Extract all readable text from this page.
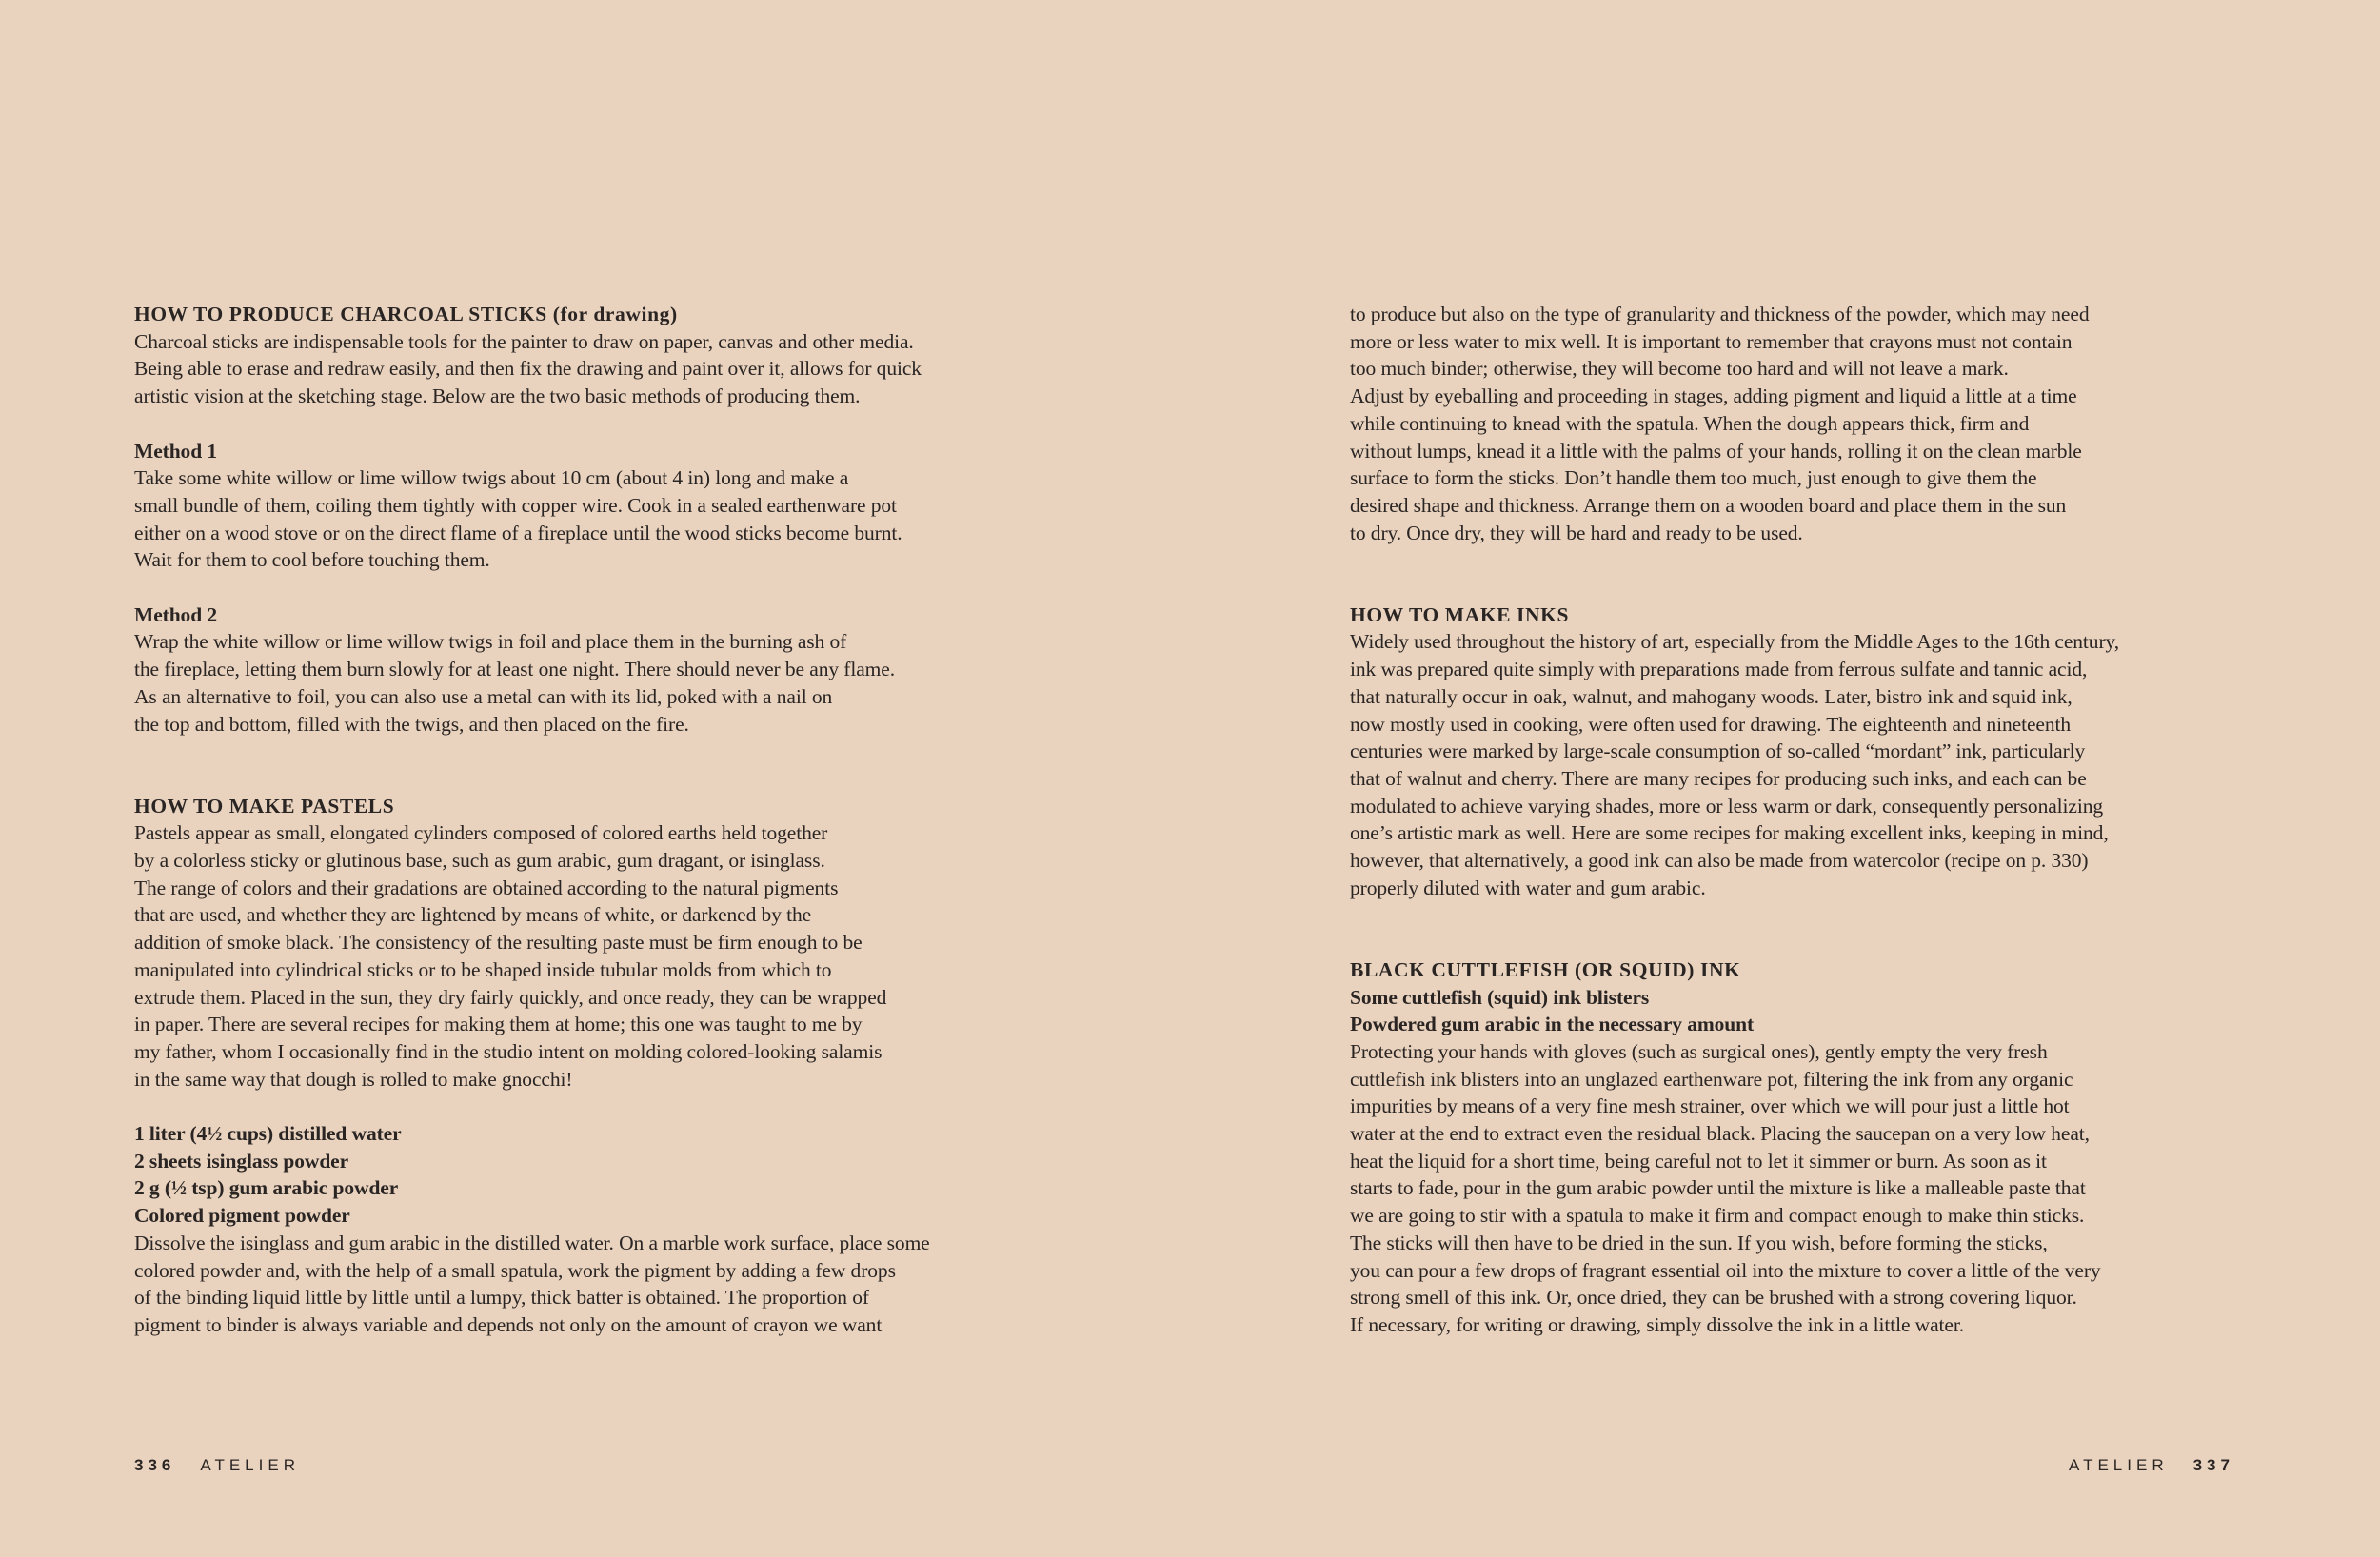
HOW TO PRODUCE CHARCOAL STICKS (for drawing)
Charcoal sticks are indispensable tools for the painter to draw on paper, canvas and other media.
Being able to erase and redraw easily, and then fix the drawing and paint over it, allows for quick
artistic vision at the sketching stage. Below are the two basic methods of producing them.
Method 1
Take some white willow or lime willow twigs about 10 cm (about 4 in) long and make a
small bundle of them, coiling them tightly with copper wire. Cook in a sealed earthenware pot
either on a wood stove or on the direct flame of a fireplace until the wood sticks become burnt.
Wait for them to cool before touching them.
Method 2
Wrap the white willow or lime willow twigs in foil and place them in the burning ash of
the fireplace, letting them burn slowly for at least one night. There should never be any flame.
As an alternative to foil, you can also use a metal can with its lid, poked with a nail on
the top and bottom, filled with the twigs, and then placed on the fire.
HOW TO MAKE PASTELS
Pastels appear as small, elongated cylinders composed of colored earths held together
by a colorless sticky or glutinous base, such as gum arabic, gum dragant, or isinglass.
The range of colors and their gradations are obtained according to the natural pigments
that are used, and whether they are lightened by means of white, or darkened by the
addition of smoke black. The consistency of the resulting paste must be firm enough to be
manipulated into cylindrical sticks or to be shaped inside tubular molds from which to
extrude them. Placed in the sun, they dry fairly quickly, and once ready, they can be wrapped
in paper. There are several recipes for making them at home; this one was taught to me by
my father, whom I occasionally find in the studio intent on molding colored-looking salamis
in the same way that dough is rolled to make gnocchi!
1 liter (4½ cups) distilled water
2 sheets isinglass powder
2 g (½ tsp) gum arabic powder
Colored pigment powder
Dissolve the isinglass and gum arabic in the distilled water. On a marble work surface, place some
colored powder and, with the help of a small spatula, work the pigment by adding a few drops
of the binding liquid little by little until a lumpy, thick batter is obtained. The proportion of
pigment to binder is always variable and depends not only on the amount of crayon we want
336 ATELIER
to produce but also on the type of granularity and thickness of the powder, which may need
more or less water to mix well. It is important to remember that crayons must not contain
too much binder; otherwise, they will become too hard and will not leave a mark.
Adjust by eyeballing and proceeding in stages, adding pigment and liquid a little at a time
while continuing to knead with the spatula. When the dough appears thick, firm and
without lumps, knead it a little with the palms of your hands, rolling it on the clean marble
surface to form the sticks. Don’t handle them too much, just enough to give them the
desired shape and thickness. Arrange them on a wooden board and place them in the sun
to dry. Once dry, they will be hard and ready to be used.
HOW TO MAKE INKS
Widely used throughout the history of art, especially from the Middle Ages to the 16th century,
ink was prepared quite simply with preparations made from ferrous sulfate and tannic acid,
that naturally occur in oak, walnut, and mahogany woods. Later, bistro ink and squid ink,
now mostly used in cooking, were often used for drawing. The eighteenth and nineteenth
centuries were marked by large-scale consumption of so-called “mordant” ink, particularly
that of walnut and cherry. There are many recipes for producing such inks, and each can be
modulated to achieve varying shades, more or less warm or dark, consequently personalizing
one’s artistic mark as well. Here are some recipes for making excellent inks, keeping in mind,
however, that alternatively, a good ink can also be made from watercolor (recipe on p. 330)
properly diluted with water and gum arabic.
BLACK CUTTLEFISH (OR SQUID) INK
Some cuttlefish (squid) ink blisters
Powdered gum arabic in the necessary amount
Protecting your hands with gloves (such as surgical ones), gently empty the very fresh
cuttlefish ink blisters into an unglazed earthenware pot, filtering the ink from any organic
impurities by means of a very fine mesh strainer, over which we will pour just a little hot
water at the end to extract even the residual black. Placing the saucepan on a very low heat,
heat the liquid for a short time, being careful not to let it simmer or burn. As soon as it
starts to fade, pour in the gum arabic powder until the mixture is like a malleable paste that
we are going to stir with a spatula to make it firm and compact enough to make thin sticks.
The sticks will then have to be dried in the sun. If you wish, before forming the sticks,
you can pour a few drops of fragrant essential oil into the mixture to cover a little of the very
strong smell of this ink. Or, once dried, they can be brushed with a strong covering liquor.
If necessary, for writing or drawing, simply dissolve the ink in a little water.
ATELIER 337
